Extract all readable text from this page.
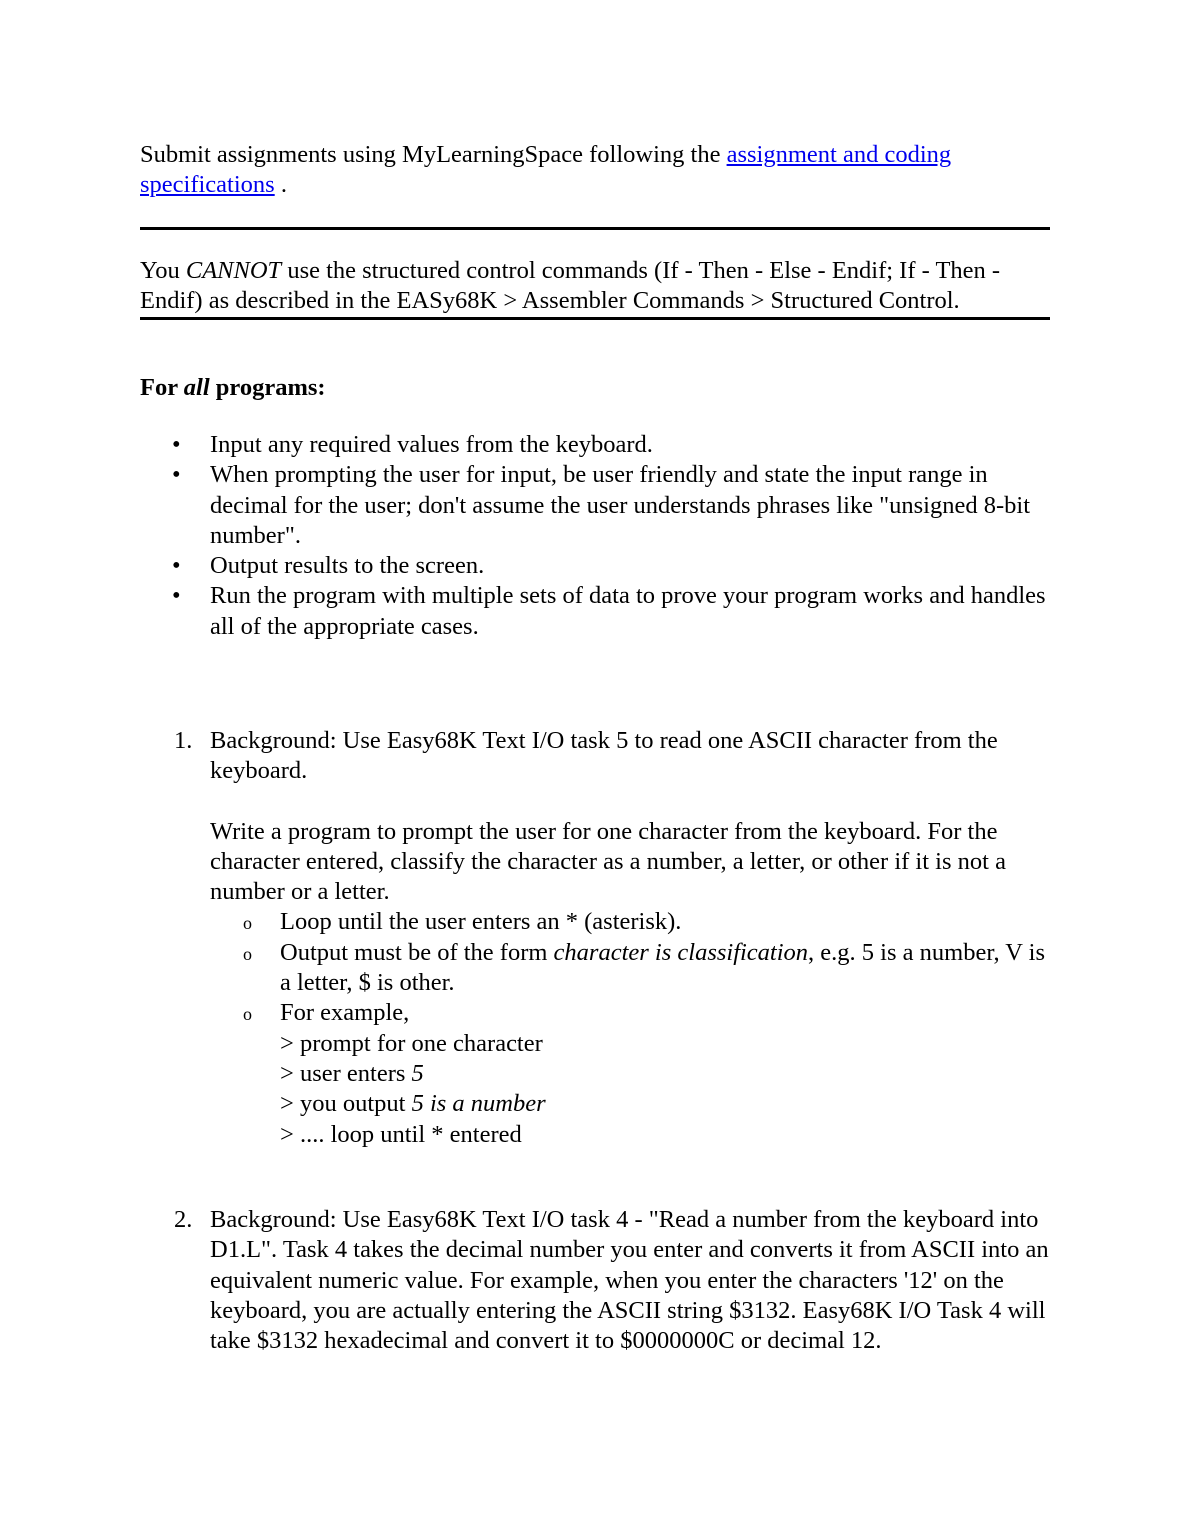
Submit assignments using MyLearningSpace following the assignment and coding specifications .

You CANNOT use the structured control commands (If - Then - Else - Endif; If - Then - Endif) as described in the EASy68K > Assembler Commands > Structured Control.

For all programs:
• Input any required values from the keyboard.
• When prompting the user for input, be user friendly and state the input range in decimal for the user; don't assume the user understands phrases like "unsigned 8-bit number".
• Output results to the screen.
• Run the program with multiple sets of data to prove your program works and handles all of the appropriate cases.
1. Background: Use Easy68K Text I/O task 5 to read one ASCII character from the keyboard.

Write a program to prompt the user for one character from the keyboard. For the character entered, classify the character as a number, a letter, or other if it is not a number or a letter.

o Loop until the user enters an * (asterisk).
o Output must be of the form character is classification, e.g. 5 is a number, V is a letter, $ is other.
o For example,
> prompt for one character
> user enters 5
> you output 5 is a number
> .... loop until * entered
2. Background: Use Easy68K Text I/O task 4 - "Read a number from the keyboard into D1.L". Task 4 takes the decimal number you enter and converts it from ASCII into an equivalent numeric value. For example, when you enter the characters '12' on the keyboard, you are actually entering the ASCII string $3132. Easy68K I/O Task 4 will take $3132 hexadecimal and convert it to $0000000C or decimal 12.
